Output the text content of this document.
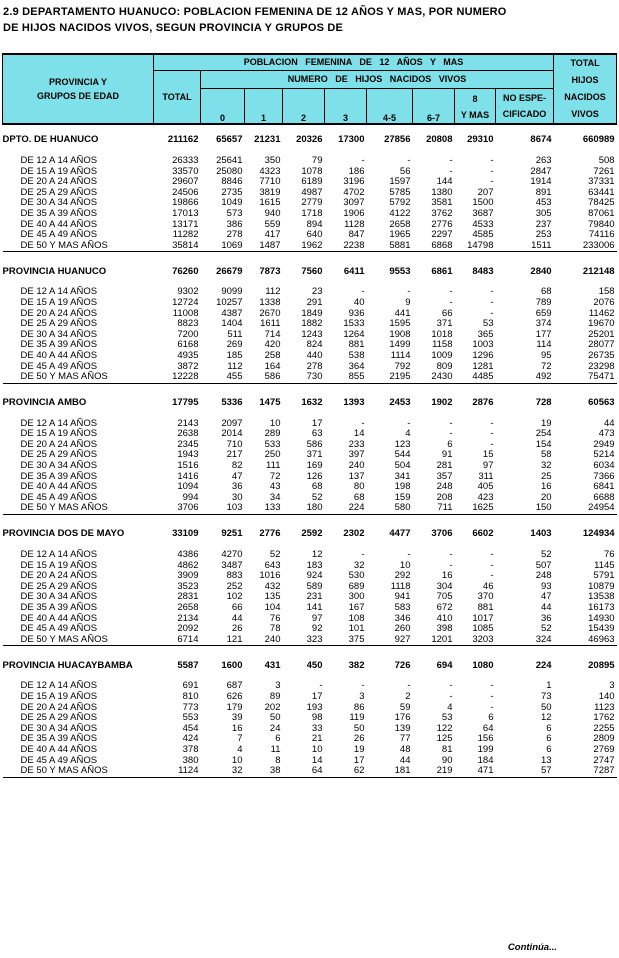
2.9 DEPARTAMENTO HUANUCO: POBLACION FEMENINA DE 12 AÑOS Y MAS, POR NUMERO
DE HIJOS NACIDOS VIVOS, SEGUN PROVINCIA Y GRUPOS DE
PROVINCIA Y
GRUPOS DE EDAD	POBLACION   FEMENINA   DE   12   AÑOS   Y   MAS									TOTAL
HIJOS
NACIDOS
VIVOS
	TOTAL	NUMERO   DE   HIJOS   NACIDOS   VIVOS								
		0	1	2	3	4-5	6-7	8
Y MAS	NO ESPE-
CIFICADO	

DPTO. DE HUANUCO	211162	65657	21231	20326	17300	27856	20808	29310	8674	660989

DE 12 A 14 AÑOS	26333	25641	350	79	-	-	-	-	263	508
DE 15 A 19 AÑOS	33570	25080	4323	1078	186	56	-	-	2847	7261
DE 20 A 24 AÑOS	29607	8846	7710	6189	3196	1597	144	-	1914	37331
DE 25 A 29 AÑOS	24506	2735	3819	4987	4702	5785	1380	207	891	63441
DE 30 A 34 AÑOS	19866	1049	1615	2779	3097	5792	3581	1500	453	78425
DE 35 A 39 AÑOS	17013	573	940	1718	1906	4122	3762	3687	305	87061
DE 40 A 44 AÑOS	13171	386	559	894	1128	2658	2776	4533	237	79840
DE 45 A 49 AÑOS	11282	278	417	640	847	1965	2297	4585	253	74116
DE 50 Y MAS AÑOS	35814	1069	1487	1962	2238	5881	6868	14798	1511	233006

PROVINCIA HUANUCO	76260	26679	7873	7560	6411	9553	6861	8483	2840	212148

DE 12 A 14 AÑOS	9302	9099	112	23	-	-	-	-	68	158
DE 15 A 19 AÑOS	12724	10257	1338	291	40	9	-	-	789	2076
DE 20 A 24 AÑOS	11008	4387	2670	1849	936	441	66	-	659	11462
DE 25 A 29 AÑOS	8823	1404	1611	1882	1533	1595	371	53	374	19670
DE 30 A 34 AÑOS	7200	511	714	1243	1264	1908	1018	365	177	25201
DE 35 A 39 AÑOS	6168	269	420	824	881	1499	1158	1003	114	28077
DE 40 A 44 AÑOS	4935	185	258	440	538	1114	1009	1296	95	26735
DE 45 A 49 AÑOS	3872	112	164	278	364	792	809	1281	72	23298
DE 50 Y MAS AÑOS	12228	455	586	730	855	2195	2430	4485	492	75471

PROVINCIA AMBO	17795	5336	1475	1632	1393	2453	1902	2876	728	60563

DE 12 A 14 AÑOS	2143	2097	10	17	-	-	-	-	19	44
DE 15 A 19 AÑOS	2638	2014	289	63	14	4	-	-	254	473
DE 20 A 24 AÑOS	2345	710	533	586	233	123	6	-	154	2949
DE 25 A 29 AÑOS	1943	217	250	371	397	544	91	15	58	5214
DE 30 A 34 AÑOS	1516	82	111	169	240	504	281	97	32	6034
DE 35 A 39 AÑOS	1416	47	72	126	137	341	357	311	25	7366
DE 40 A 44 AÑOS	1094	36	43	68	80	198	248	405	16	6841
DE 45 A 49 AÑOS	994	30	34	52	68	159	208	423	20	6688
DE 50 Y MAS AÑOS	3706	103	133	180	224	580	711	1625	150	24954

PROVINCIA DOS DE MAYO	33109	9251	2776	2592	2302	4477	3706	6602	1403	124934

DE 12 A 14 AÑOS	4386	4270	52	12	-	-	-	-	52	76
DE 15 A 19 AÑOS	4862	3487	643	183	32	10	-	-	507	1145
DE 20 A 24 AÑOS	3909	883	1016	924	530	292	16	-	248	5791
DE 25 A 29 AÑOS	3523	252	432	589	689	1118	304	46	93	10879
DE 30 A 34 AÑOS	2831	102	135	231	300	941	705	370	47	13538
DE 35 A 39 AÑOS	2658	66	104	141	167	583	672	881	44	16173
DE 40 A 44 AÑOS	2134	44	76	97	108	346	410	1017	36	14930
DE 45 A 49 AÑOS	2092	26	78	92	101	260	398	1085	52	15439
DE 50 Y MAS AÑOS	6714	121	240	323	375	927	1201	3203	324	46963

PROVINCIA HUACAYBAMBA	5587	1600	431	450	382	726	694	1080	224	20895

DE 12 A 14 AÑOS	691	687	3	-	-	-	-	-	1	3
DE 15 A 19 AÑOS	810	626	89	17	3	2	-	-	73	140
DE 20 A 24 AÑOS	773	179	202	193	86	59	4	-	50	1123
DE 25 A 29 AÑOS	553	39	50	98	119	176	53	6	12	1762
DE 30 A 34 AÑOS	454	16	24	33	50	139	122	64	6	2255
DE 35 A 39 AÑOS	424	7	6	21	26	77	125	156	6	2809
DE 40 A 44 AÑOS	378	4	11	10	19	48	81	199	6	2769
DE 45 A 49 AÑOS	380	10	8	14	17	44	90	184	13	2747
DE 50 Y MAS AÑOS	1124	32	38	64	62	181	219	471	57	7287

Continúa...
